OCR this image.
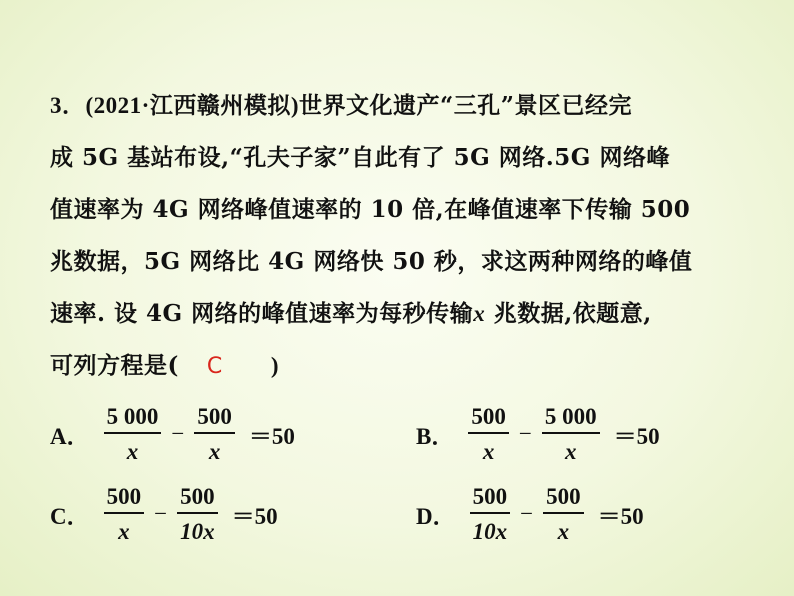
3．(2021·江西赣州模拟)世界文化遗产“三孔”景区已经完
成 5G 基站布设,“孔夫子家”自此有了 5G 网络.5G 网络峰
值速率为 4G 网络峰值速率的 10 倍,在峰值速率下传输 500
兆数据，5G 网络比 4G 网络快 50 秒，求这两种网络的峰值
速率. 设 4G 网络的峰值速率为每秒传输x 兆数据,依题意,
可列方程是( C )
A． $\frac{5 000}{x} - \frac{500}{x} =50$	B． $\frac{500}{x} - \frac{5 000}{x} =50$
C． $\frac{500}{x} - \frac{500}{10x} =50$	D． $\frac{500}{10x} - \frac{500}{x} =50$
